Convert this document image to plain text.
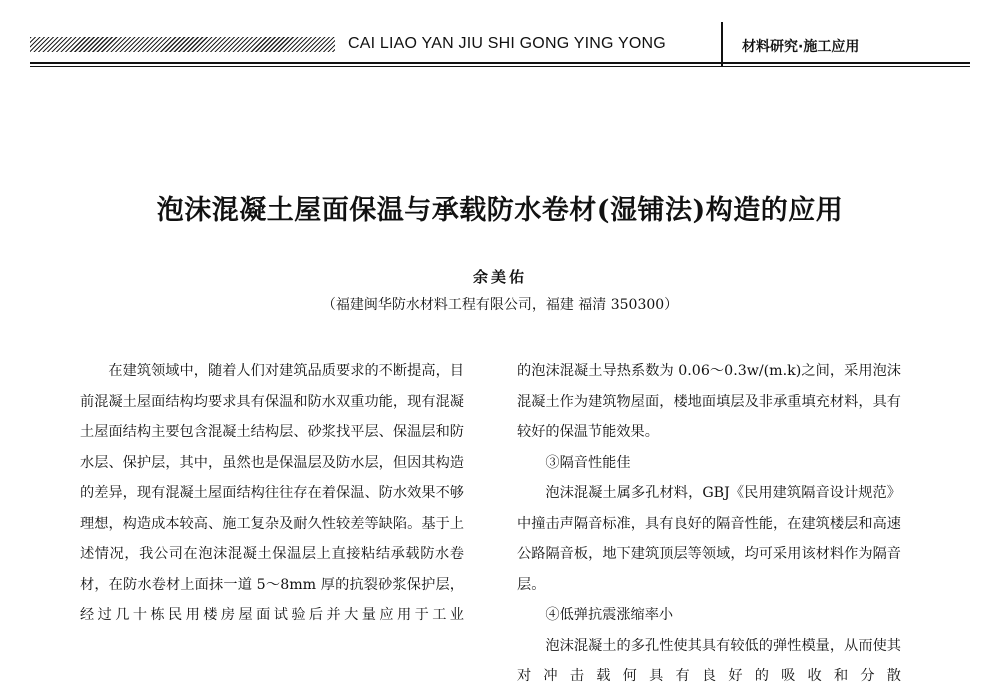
CAI LIAO YAN JIU SHI GONG YING YONG	材料研究·施工应用
泡沫混凝土屋面保温与承载防水卷材(湿铺法)构造的应用
余美佑
（福建闽华防水材料工程有限公司，福建 福清 350300）

在建筑领域中，随着人们对建筑品质要求的不断提高，目前混凝土屋面结构均要求具有保温和防水双重功能，现有混凝土屋面结构主要包含混凝土结构层、砂浆找平层、保温层和防水层、保护层，其中，虽然也是保温层及防水层，但因其构造的差异，现有混凝土屋面结构往往存在着保温、防水效果不够理想，构造成本较高、施工复杂及耐久性较差等缺陷。基于上述情况，我公司在泡沫混凝土保温层上直接粘结承载防水卷材，在防水卷材上面抹一道 5～8mm 厚的抗裂砂浆保护层，经过几十栋民用楼房屋面试验后并大量应用于工业

的泡沫混凝土导热系数为 0.06～0.3w/(m.k)之间，采用泡沫混凝土作为建筑物屋面，楼地面填层及非承重填充材料，具有较好的保温节能效果。

③隔音性能佳

泡沫混凝土属多孔材料，GBJ《民用建筑隔音设计规范》中撞击声隔音标准，具有良好的隔音性能，在建筑楼层和高速公路隔音板，地下建筑顶层等领域，均可采用该材料作为隔音层。

④低弹抗震涨缩率小

泡沫混凝土的多孔性使其具有较低的弹性模量，从而使其对冲击载何具有良好的吸收和分散
